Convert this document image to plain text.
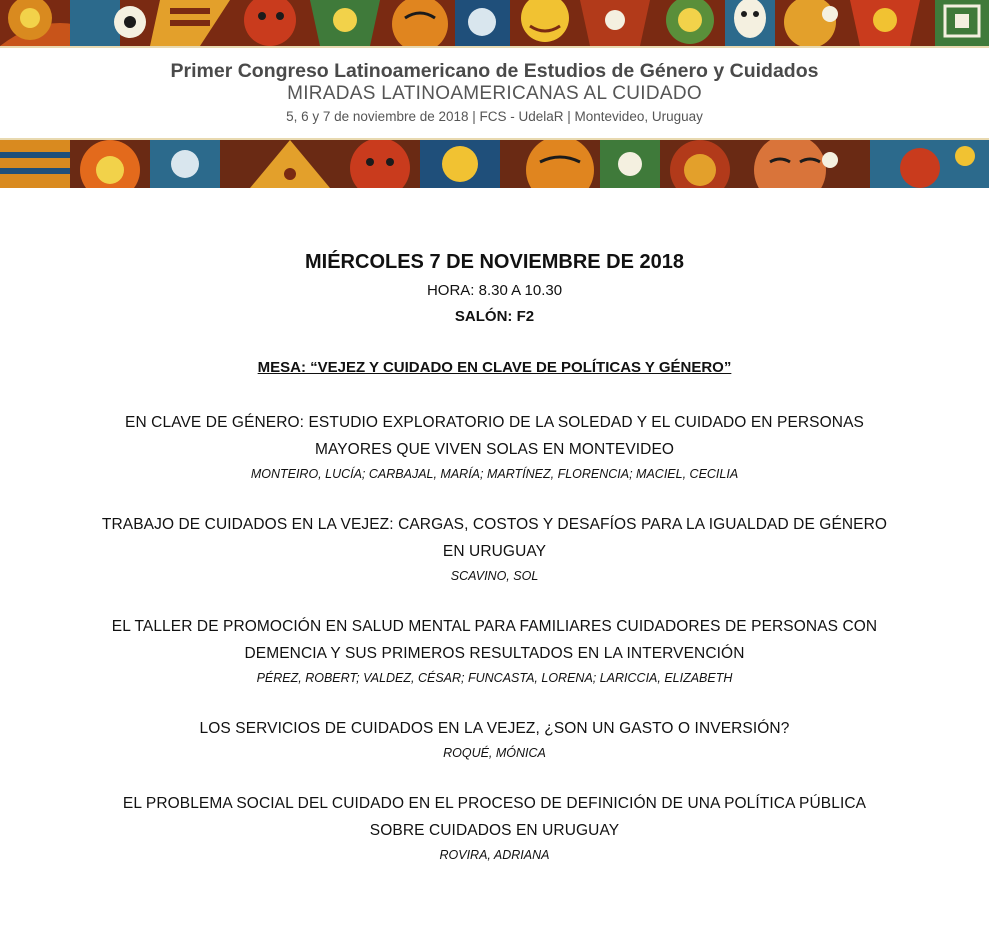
Primer Congreso Latinoamericano de Estudios de Género y Cuidados
MIRADAS LATINOAMERICANAS AL CUIDADO
5, 6 y 7 de noviembre de 2018 | FCS - UdelaR | Montevideo, Uruguay
MIÉRCOLES 7 DE NOVIEMBRE DE 2018
HORA: 8.30 A 10.30
SALÓN: F2
MESA: “VEJEZ Y CUIDADO EN CLAVE DE POLÍTICAS Y GÉNERO”
EN CLAVE DE GÉNERO: ESTUDIO EXPLORATORIO DE LA SOLEDAD Y EL CUIDADO EN PERSONAS MAYORES QUE VIVEN SOLAS EN MONTEVIDEO
MONTEIRO, LUCÍA; CARBAJAL, MARÍA; MARTÍNEZ, FLORENCIA; MACIEL, CECILIA
TRABAJO DE CUIDADOS EN LA VEJEZ: CARGAS, COSTOS Y DESAFÍOS PARA LA IGUALDAD DE GÉNERO EN URUGUAY
SCAVINO, SOL
EL TALLER DE PROMOCIÓN EN SALUD MENTAL PARA FAMILIARES CUIDADORES DE PERSONAS CON DEMENCIA Y SUS PRIMEROS RESULTADOS EN LA INTERVENCIÓN
PÉREZ, ROBERT; VALDEZ, CÉSAR; FUNCASTA, LORENA; LARICCIA, ELIZABETH
LOS SERVICIOS DE CUIDADOS EN LA VEJEZ, ¿SON UN GASTO O INVERSIÓN?
ROQUÉ, MÓNICA
EL PROBLEMA SOCIAL DEL CUIDADO EN EL PROCESO DE DEFINICIÓN DE UNA POLÍTICA PÚBLICA SOBRE CUIDADOS EN URUGUAY
ROVIRA, ADRIANA
